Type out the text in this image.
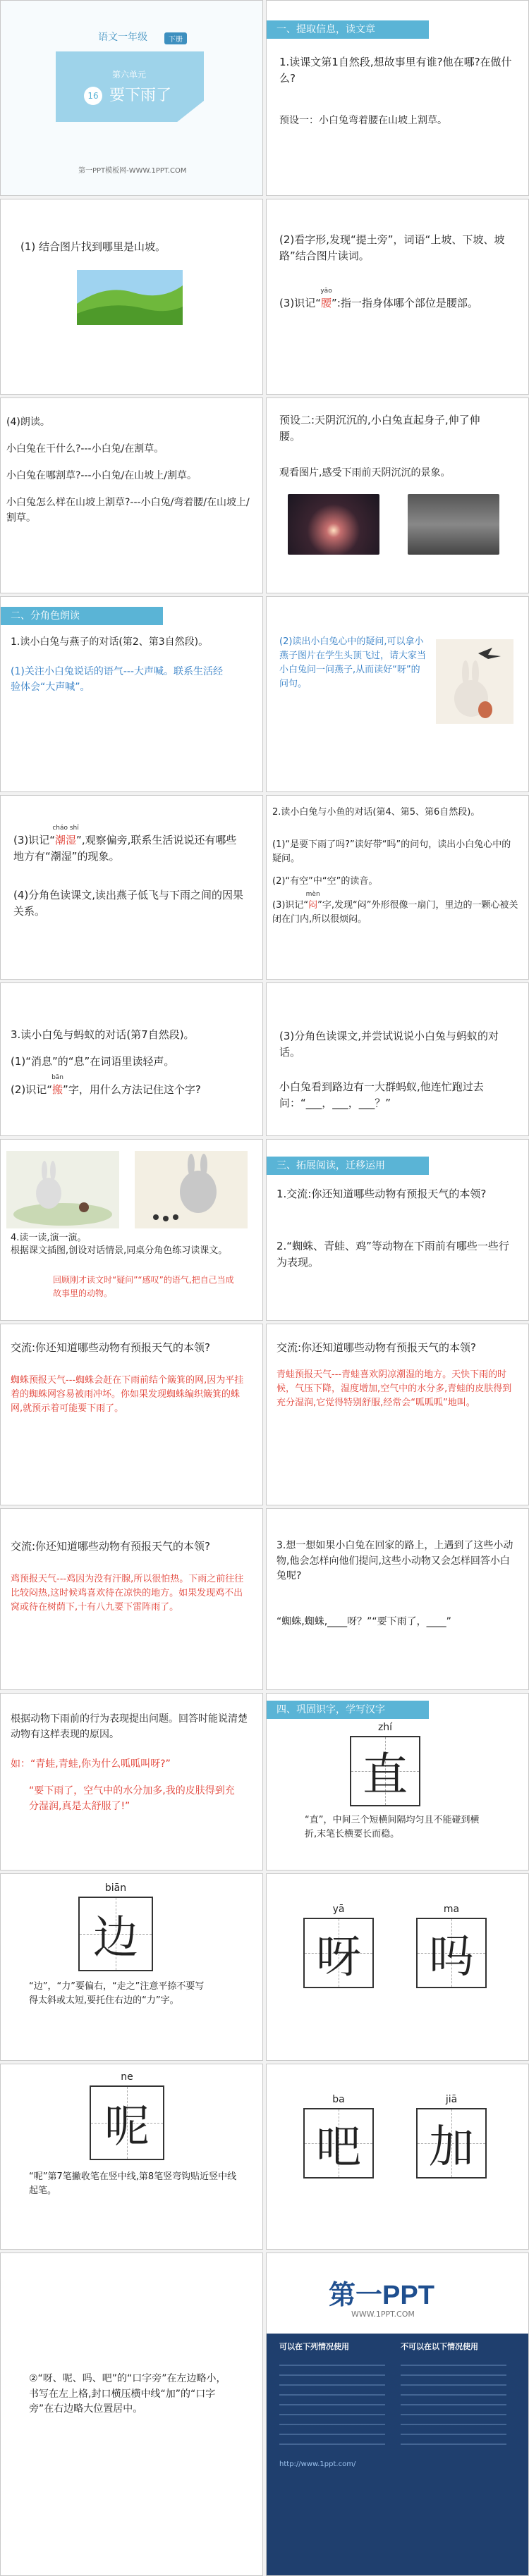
语文一年级	下册
第六单元
16 要下雨了
第一PPT模板网-WWW.1PPT.COM
一、提取信息，读文章
1.读课文第1自然段,想故事里有谁?他在哪?在做什么?
预设一：小白兔弯着腰在山坡上割草。
(1) 结合图片找到哪里是山坡。
(2)看字形,发现“提土旁”，词语“上坡、下坡、坡路”结合图片读词。
(3)识记“
yāo
腰”:指一指身体哪个部位是腰部。
(4)朗读。
小白兔在干什么?---小白兔/在割草。
小白兔在哪割草?---小白兔/在山坡上/割草。
小白兔怎么样在山坡上割草?---小白兔/弯着腰/在山坡上/割草。
预设二:天阴沉沉的,小白兔直起身子,伸了伸腰。
观看图片,感受下雨前天阴沉沉的景象。
二、分角色朗读
1.读小白兔与燕子的对话(第2、第3自然段)。
(1)关注小白兔说话的语气---大声喊。联系生活经验体会“大声喊”。
(2)读出小白兔心中的疑问,可以拿小燕子图片在学生头顶飞过，请大家当小白兔问一问燕子,从而读好“呀”的问句。
(3)识记“
cháo shī
潮湿”,观察偏旁,联系生活说说还有哪些地方有“潮湿”的现象。
(4)分角色读课文,读出燕子低飞与下雨之间的因果关系。
2.读小白兔与小鱼的对话(第4、第5、第6自然段)。
(1)“是要下雨了吗?”读好带“吗”的问句，读出小白兔心中的疑问。
(2)“有空”中“空”的读音。
(3)识记“
mèn
闷”字,发现“闷”外形很像一扇门，里边的一颗心被关闭在门内,所以很烦闷。
3.读小白兔与蚂蚁的对话(第7自然段)。
(1)“消息”的“息”在词语里读轻声。
(2)识记“
bān
搬”字，用什么方法记住这个字?
(3)分角色读课文,并尝试说说小白兔与蚂蚁的对话。
小白兔看到路边有一大群蚂蚁,他连忙跑过去问：“___，___，___？”
4.读一读,演一演。
根据课文插图,创设对话情景,同桌分角色练习读课文。
回顾刚才读文时“疑问”“感叹”的语气,把自己当成故事里的动物。
三、拓展阅读，迁移运用
1.交流:你还知道哪些动物有预报天气的本领?
2.“蜘蛛、青蛙、鸡”等动物在下雨前有哪些一些行为表现。
交流:你还知道哪些动物有预报天气的本领?
蜘蛛预报天气---蜘蛛会赶在下雨前结个簸箕的网,因为平挂着的蜘蛛网容易被雨冲坏。你如果发现蜘蛛编织簸箕的蛛网,就预示着可能要下雨了。
交流:你还知道哪些动物有预报天气的本领?
青蛙预报天气---青蛙喜欢阴凉潮湿的地方。天快下雨的时候，气压下降，湿度增加,空气中的水分多,青蛙的皮肤得到充分湿润,它觉得特别舒服,经常会“呱呱呱”地叫。
交流:你还知道哪些动物有预报天气的本领?
鸡预报天气---鸡因为没有汗腺,所以很怕热。下雨之前往往比较闷热,这时候鸡喜欢待在凉快的地方。如果发现鸡不出窝或待在树荫下,十有八九要下雷阵雨了。
3.想一想如果小白兔在回家的路上，上遇到了这些小动物,他会怎样向他们提问,这些小动物又会怎样回答小白兔呢?
“蜘蛛,蜘蛛,____呀？”“要下雨了，____”
根据动物下雨前的行为表现提出问题。回答时能说清楚动物有这样表现的原因。
如：“青蛙,青蛙,你为什么呱呱叫呀?”
“要下雨了，空气中的水分加多,我的皮肤得到充分湿润,真是太舒服了!”
四、巩固识字，学写汉字
zhí
直
“直”，中间三个短横间隔均匀且不能碰到横折,末笔长横要长而稳。
biān
边
“边”，“力”要偏右，“走之”注意平捺不要写得太斜或太短,要托住右边的“力”字。
yā
呀
ma
吗
ne
呢
“呢”第7笔撇收笔在竖中线,第8笔竖弯钩贴近竖中线起笔。
ba
吧
jiā
加
②“呀、呢、吗、吧”的“口字旁”在左边略小，书写在左上格,封口横压横中线“加”的“口字旁”在右边略大位置居中。
第一PPT
WWW.1PPT.COM
可以在下列情况使用	不可以在以下情况使用
http://www.1ppt.com/
